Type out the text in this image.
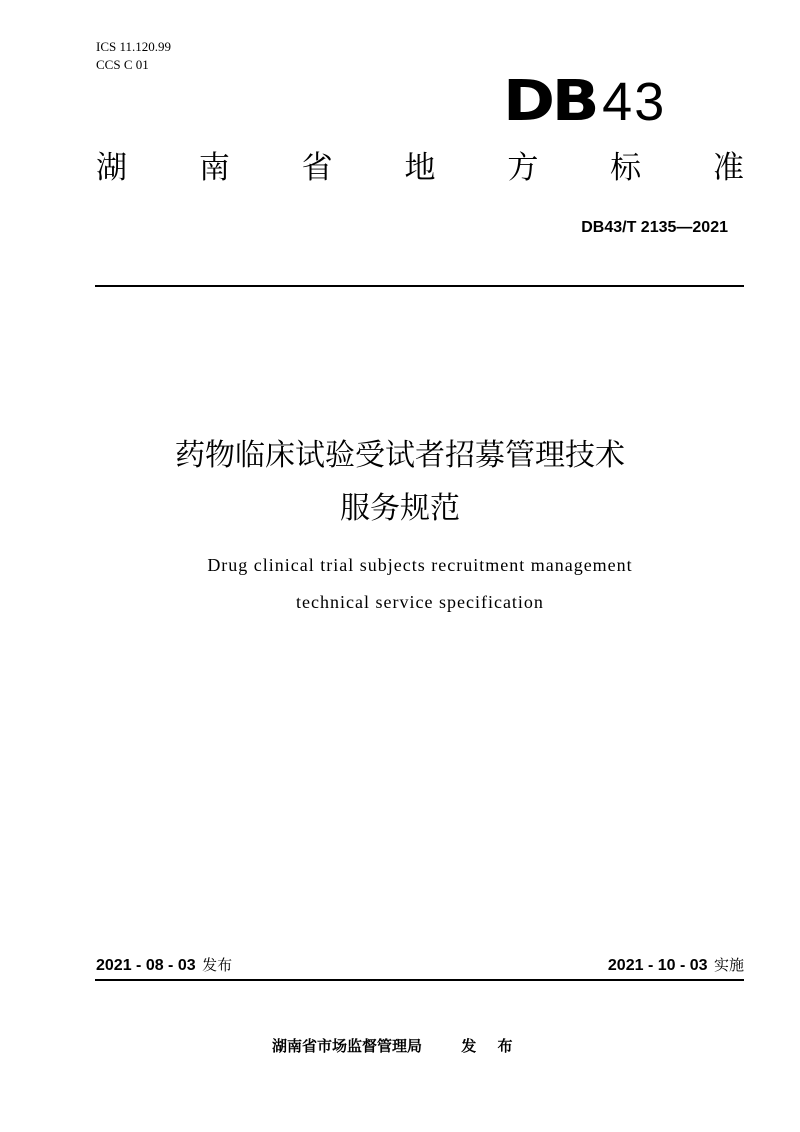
ICS 11.120.99
CCS C 01
DB 43
湖 南 省 地 方 标 准
DB43/T 2135—2021
药物临床试验受试者招募管理技术
服务规范
Drug clinical trial subjects recruitment management
technical service specification
2021 - 08 - 03 发布	2021 - 10 - 03 实施
湖南省市场监督管理局	发 布
